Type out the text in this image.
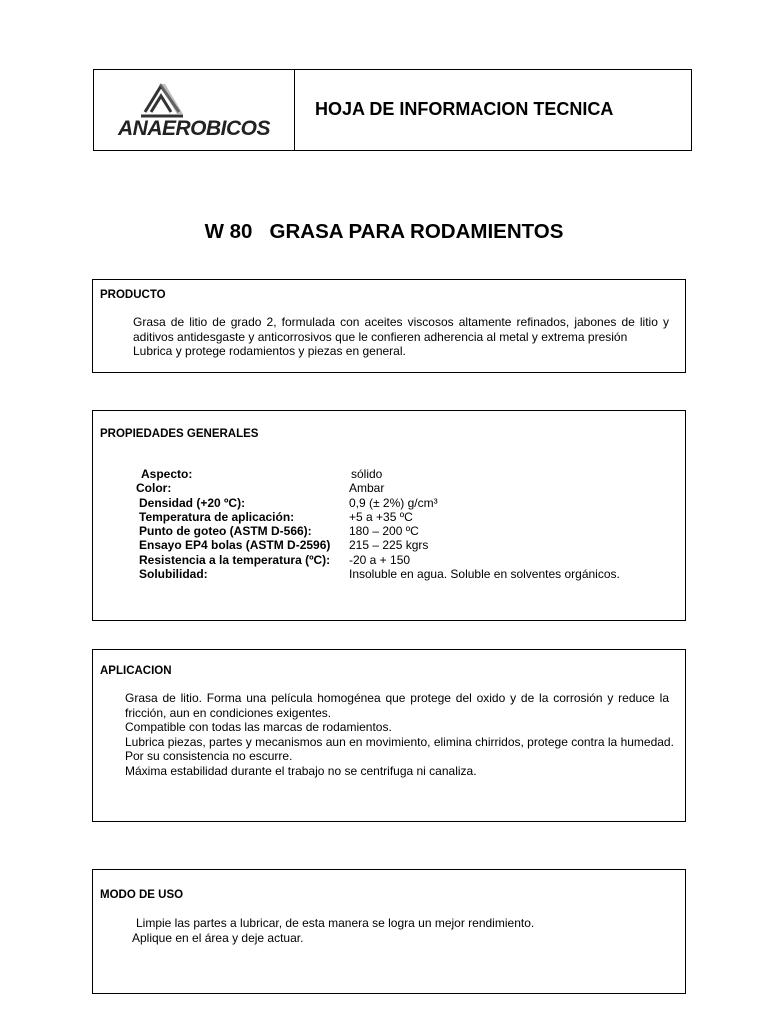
ANAEROBICOS
HOJA DE INFORMACION TECNICA
W 80   GRASA PARA RODAMIENTOS
PRODUCTO
Grasa de litio de grado 2, formulada con aceites viscosos altamente refinados, jabones de litio y
aditivos antidesgaste y anticorrosivos que le confieren adherencia al metal y extrema presión
Lubrica y protege rodamientos y piezas en general.
PROPIEDADES GENERALES
Aspecto:	sólido
Color:	Ambar
Densidad (+20 ºC):	0,9 (± 2%) g/cm³
Temperatura de aplicación:	+5 a +35 ºC
Punto de goteo (ASTM D-566):	180 – 200 ºC
Ensayo EP4 bolas (ASTM D-2596)	215 – 225 kgrs
Resistencia a la temperatura (ºC):	-20 a + 150
Solubilidad:	Insoluble en agua. Soluble en solventes orgánicos.
APLICACION
Grasa de litio. Forma una película homogénea que protege del oxido y de la corrosión y reduce la
fricción, aun en condiciones exigentes.
Compatible con todas las marcas de rodamientos.
Lubrica piezas, partes y mecanismos aun en movimiento, elimina chirridos, protege contra la humedad.
Por su consistencia no escurre.
Máxima estabilidad durante el trabajo no se centrifuga ni canaliza.
MODO DE USO
Limpie las partes a lubricar, de esta manera se logra un mejor rendimiento.
Aplique en el área y deje actuar.
